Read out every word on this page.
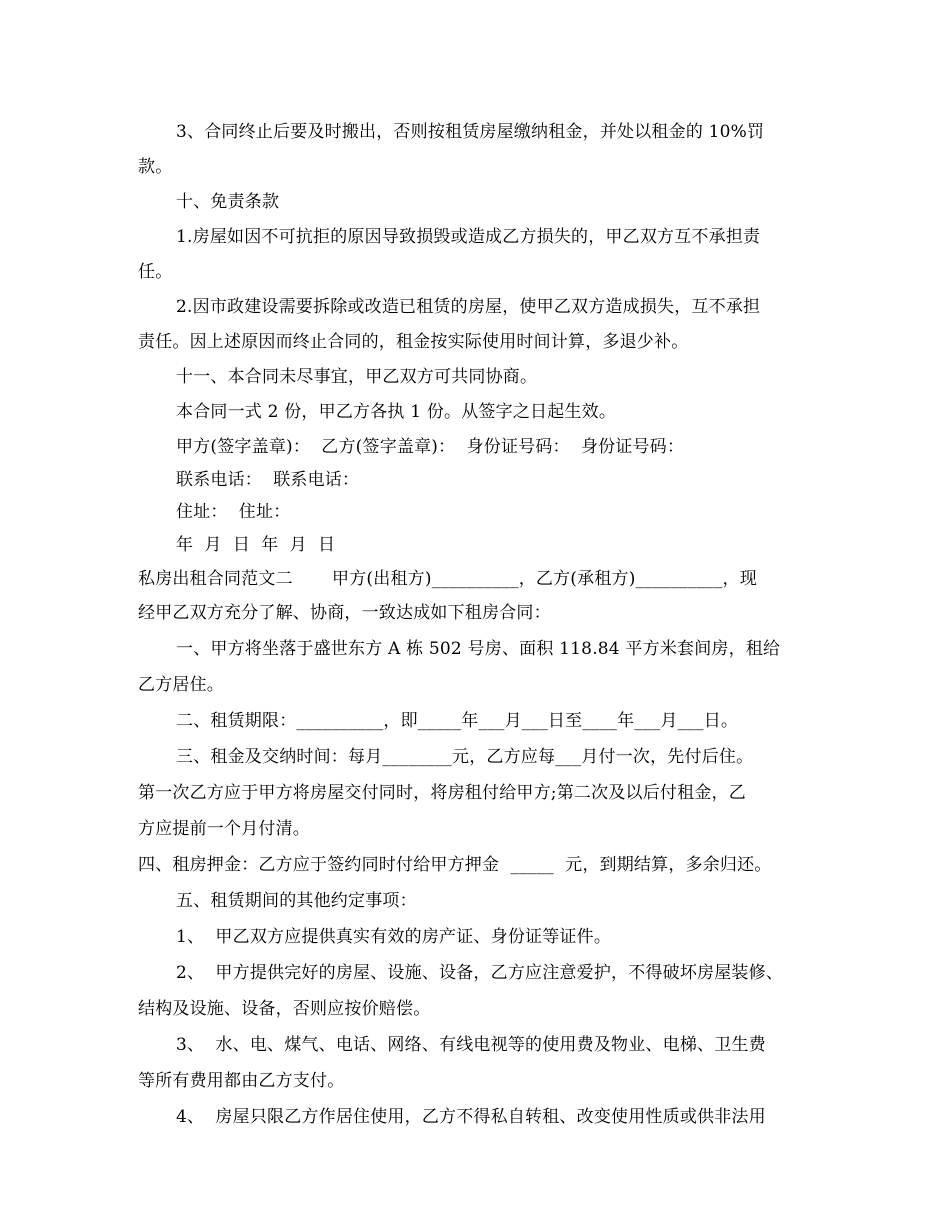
3、合同终止后要及时搬出，否则按租赁房屋缴纳租金，并处以租金的 10%罚
款。
十、免责条款
1.房屋如因不可抗拒的原因导致损毁或造成乙方损失的，甲乙双方互不承担责
任。
2.因市政建设需要拆除或改造已租赁的房屋，使甲乙双方造成损失，互不承担
责任。因上述原因而终止合同的，租金按实际使用时间计算，多退少补。
十一、本合同未尽事宜，甲乙双方可共同协商。
本合同一式 2 份，甲乙方各执 1 份。从签字之日起生效。
甲方(签字盖章)：  乙方(签字盖章)：  身份证号码：  身份证号码：
联系电话：  联系电话：
住址：  住址：
年  月  日  年  月  日
私房出租合同范文二       甲方(出租方)__________，乙方(承租方)__________，现
经甲乙双方充分了解、协商，一致达成如下租房合同：
一、甲方将坐落于盛世东方 A 栋 502 号房、面积 118.84 平方米套间房，租给
乙方居住。
二、租赁期限：__________，即_____年___月___日至____年___月___日。
三、租金及交纳时间：每月________元，乙方应每___月付一次，先付后住。
第一次乙方应于甲方将房屋交付同时，将房租付给甲方;第二次及以后付租金，乙
方应提前一个月付清。
四、租房押金：乙方应于签约同时付给甲方押金  _____  元，到期结算，多余归还。
五、租赁期间的其他约定事项：
1、  甲乙双方应提供真实有效的房产证、身份证等证件。
2、  甲方提供完好的房屋、设施、设备，乙方应注意爱护，不得破坏房屋装修、
结构及设施、设备，否则应按价赔偿。
3、  水、电、煤气、电话、网络、有线电视等的使用费及物业、电梯、卫生费
等所有费用都由乙方支付。
4、  房屋只限乙方作居住使用，乙方不得私自转租、改变使用性质或供非法用
